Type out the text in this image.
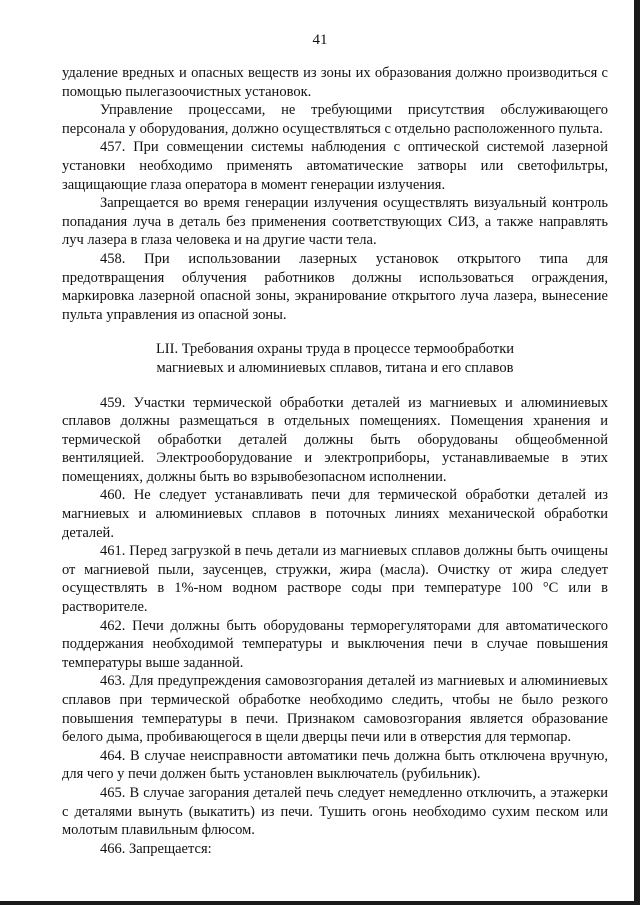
41

удаление вредных и опасных веществ из зоны их образования должно производиться с помощью пылегазоочистных установок.

Управление процессами, не требующими присутствия обслуживающего персонала у оборудования, должно осуществляться с отдельно расположенного пульта.

457. При совмещении системы наблюдения с оптической системой лазерной установки необходимо применять автоматические затворы или светофильтры, защищающие глаза оператора в момент генерации излучения.

Запрещается во время генерации излучения осуществлять визуальный контроль попадания луча в деталь без применения соответствующих СИЗ, а также направлять луч лазера в глаза человека и на другие части тела.

458. При использовании лазерных установок открытого типа для предотвращения облучения работников должны использоваться ограждения, маркировка лазерной опасной зоны, экранирование открытого луча лазера, вынесение пульта управления из опасной зоны.

LII. Требования охраны труда в процессе термообработки
магниевых и алюминиевых сплавов, титана и его сплавов

459. Участки термической обработки деталей из магниевых и алюминиевых сплавов должны размещаться в отдельных помещениях. Помещения хранения и термической обработки деталей должны быть оборудованы общеобменной вентиляцией. Электрооборудование и электроприборы, устанавливаемые в этих помещениях, должны быть во взрывобезопасном исполнении.

460. Не следует устанавливать печи для термической обработки деталей из магниевых и алюминиевых сплавов в поточных линиях механической обработки деталей.

461. Перед загрузкой в печь детали из магниевых сплавов должны быть очищены от магниевой пыли, заусенцев, стружки, жира (масла). Очистку от жира следует осуществлять в 1%-ном водном растворе соды при температуре 100 °С или в растворителе.

462. Печи должны быть оборудованы терморегуляторами для автоматического поддержания необходимой температуры и выключения печи в случае повышения температуры выше заданной.

463. Для предупреждения самовозгорания деталей из магниевых и алюминиевых сплавов при термической обработке необходимо следить, чтобы не было резкого повышения температуры в печи. Признаком самовозгорания является образование белого дыма, пробивающегося в щели дверцы печи или в отверстия для термопар.

464. В случае неисправности автоматики печь должна быть отключена вручную, для чего у печи должен быть установлен выключатель (рубильник).

465. В случае загорания деталей печь следует немедленно отключить, а этажерки с деталями вынуть (выкатить) из печи. Тушить огонь необходимо сухим песком или молотым плавильным флюсом.

466. Запрещается:
